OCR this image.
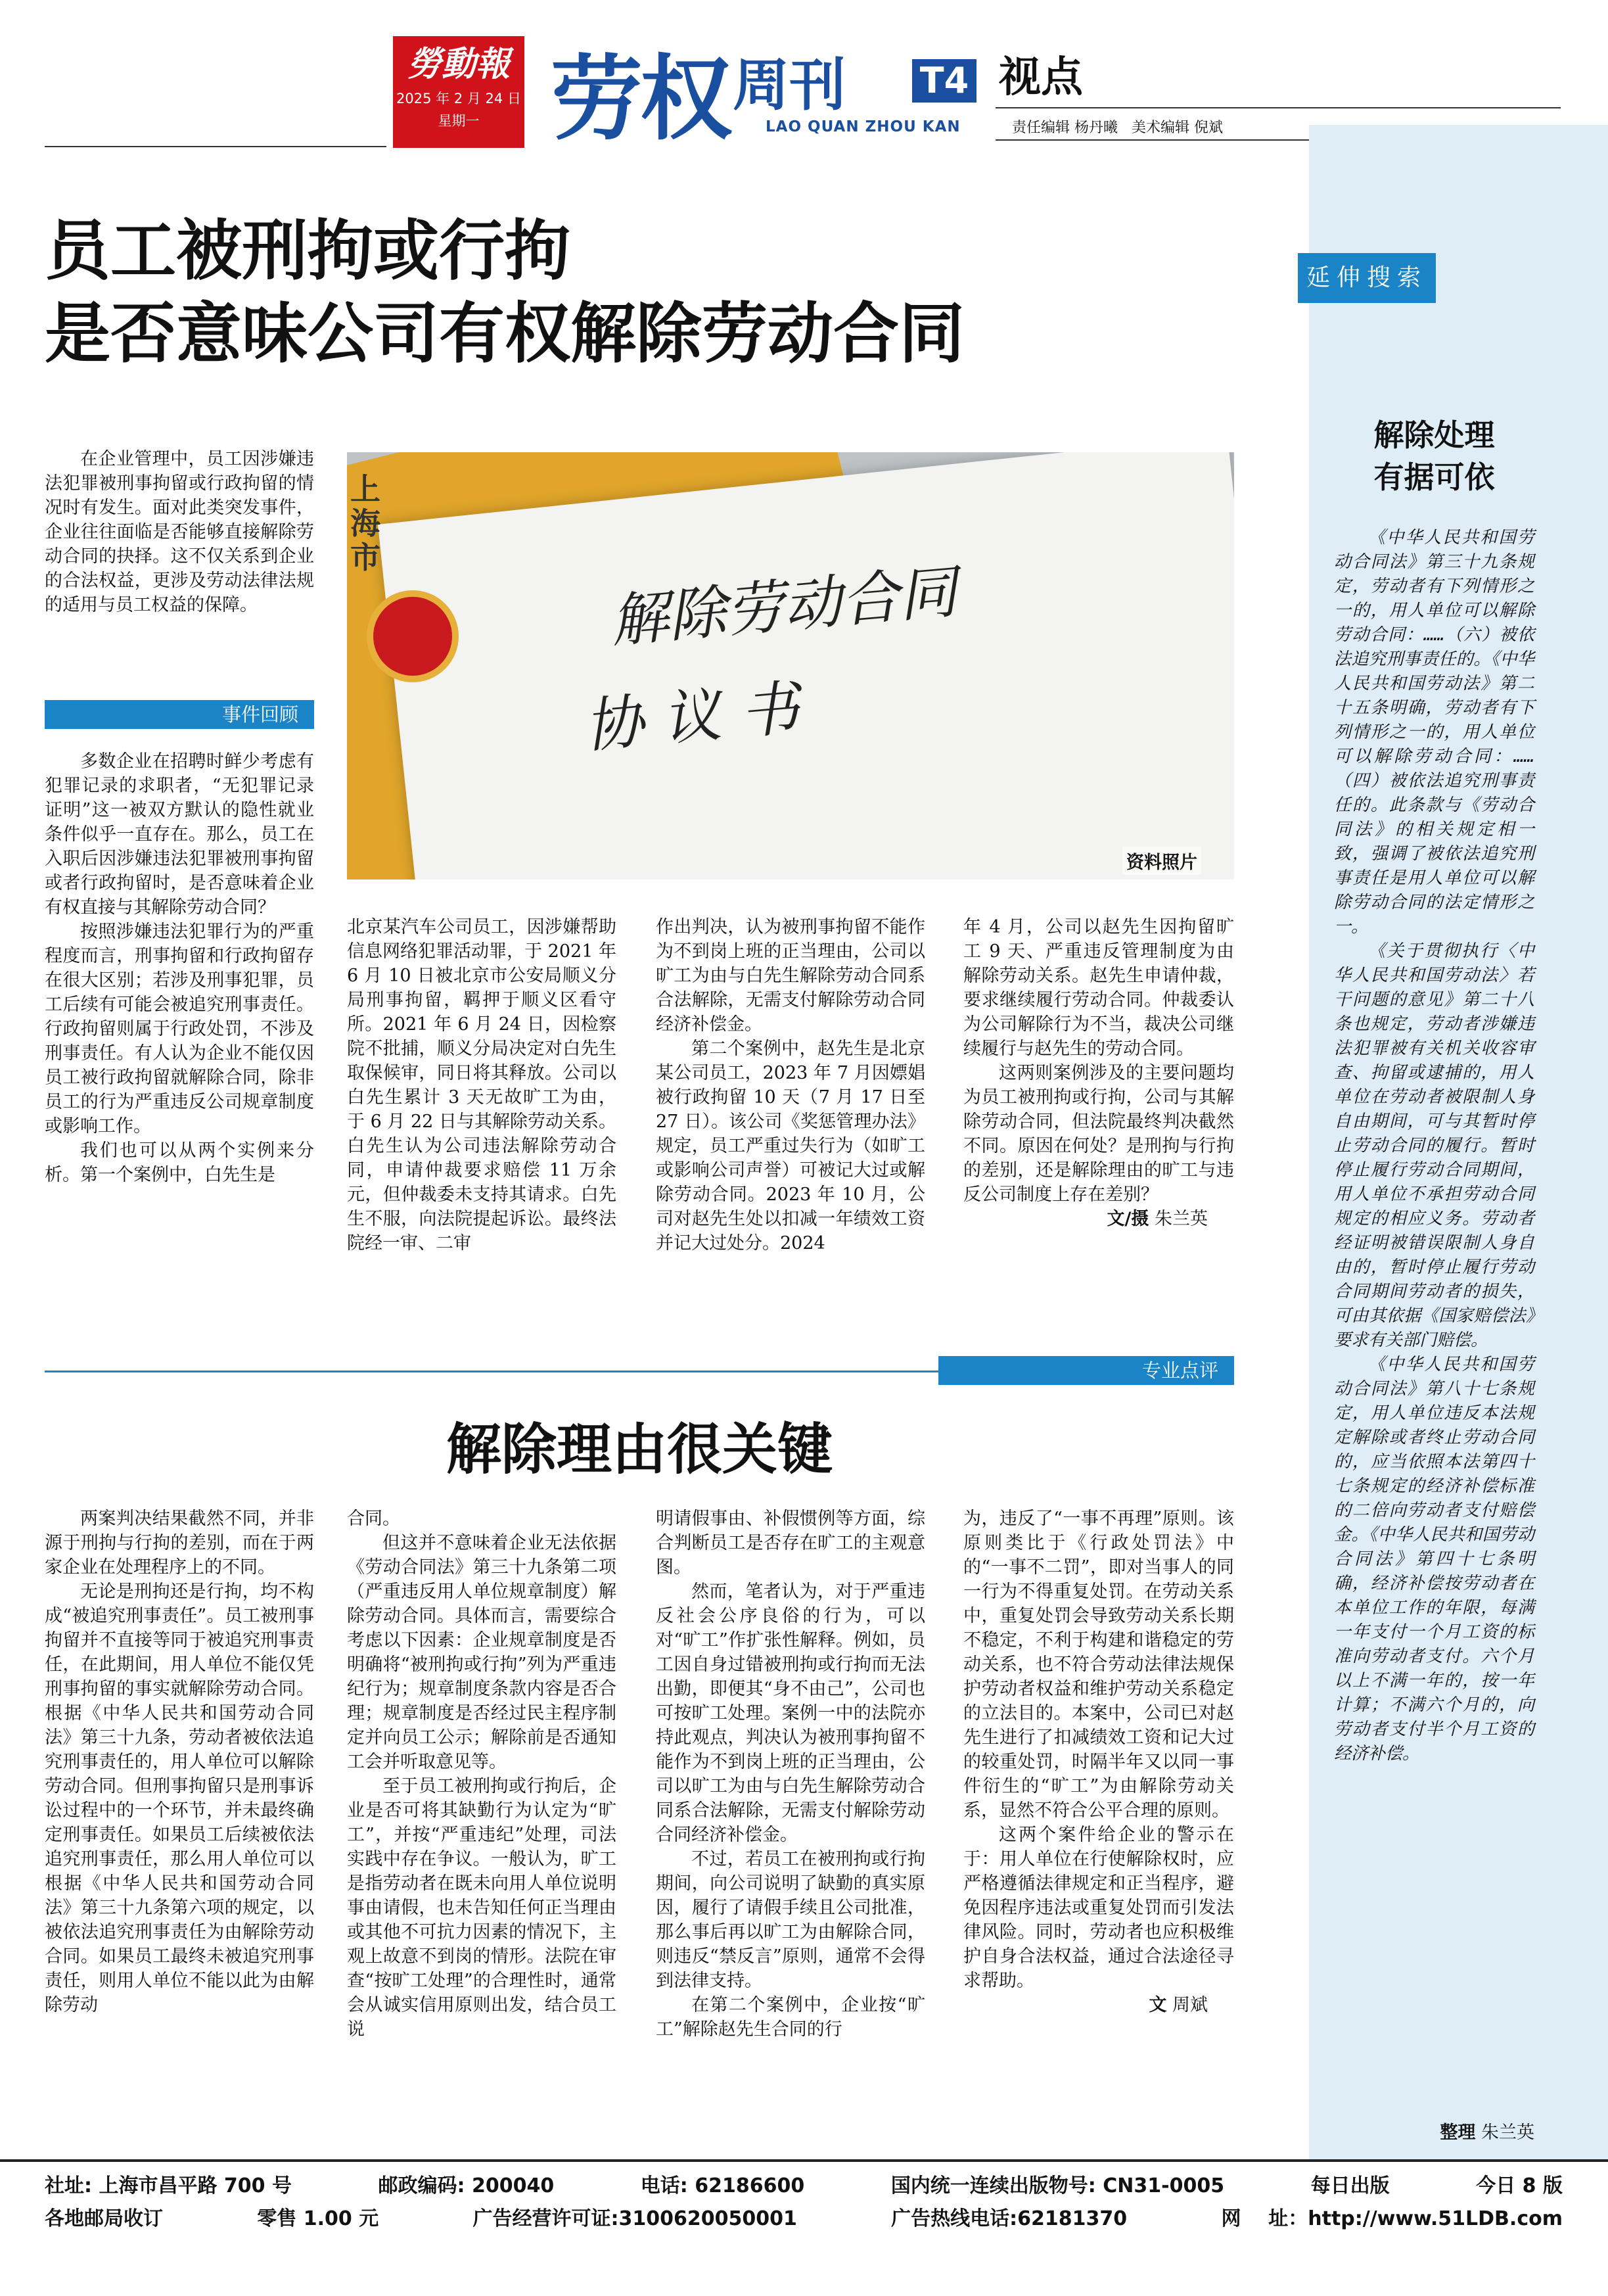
勞動報
2025 年 2 月 24 日
星期一 劳权 周刊
LAO QUAN ZHOU KAN
T4 视点
责任编辑 杨丹曦   美术编辑 倪斌
延伸搜索
解除处理
有据可依

《中华人民共和国劳动合同法》第三十九条规定，劳动者有下列情形之一的，用人单位可以解除劳动合同：……（六）被依法追究刑事责任的。《中华人民共和国劳动法》第二十五条明确，劳动者有下列情形之一的，用人单位可以解除劳动合同：……（四）被依法追究刑事责任的。此条款与《劳动合同法》的相关规定相一致，强调了被依法追究刑事责任是用人单位可以解除劳动合同的法定情形之一。

《关于贯彻执行〈中华人民共和国劳动法〉若干问题的意见》第二十八条也规定，劳动者涉嫌违法犯罪被有关机关收容审查、拘留或逮捕的，用人单位在劳动者被限制人身自由期间，可与其暂时停止劳动合同的履行。暂时停止履行劳动合同期间，用人单位不承担劳动合同规定的相应义务。劳动者经证明被错误限制人身自由的，暂时停止履行劳动合同期间劳动者的损失，可由其依据《国家赔偿法》要求有关部门赔偿。

《中华人民共和国劳动合同法》第八十七条规定，用人单位违反本法规定解除或者终止劳动合同的，应当依照本法第四十七条规定的经济补偿标准的二倍向劳动者支付赔偿金。《中华人民共和国劳动合同法》第四十七条明确，经济补偿按劳动者在本单位工作的年限，每满一年支付一个月工资的标准向劳动者支付。六个月以上不满一年的，按一年计算；不满六个月的，向劳动者支付半个月工资的经济补偿。

整理 朱兰英
员工被刑拘或行拘
是否意味公司有权解除劳动合同

在企业管理中，员工因涉嫌违法犯罪被刑事拘留或行政拘留的情况时有发生。面对此类突发事件，企业往往面临是否能够直接解除劳动合同的抉择。这不仅关系到企业的合法权益，更涉及劳动法律法规的适用与员工权益的保障。

上海市
解除劳动合同
协 议 书
资料照片
事件回顾

多数企业在招聘时鲜少考虑有犯罪记录的求职者，“无犯罪记录证明”这一被双方默认的隐性就业条件似乎一直存在。那么，员工在入职后因涉嫌违法犯罪被刑事拘留或者行政拘留时，是否意味着企业有权直接与其解除劳动合同？

按照涉嫌违法犯罪行为的严重程度而言，刑事拘留和行政拘留存在很大区别；若涉及刑事犯罪，员工后续有可能会被追究刑事责任。行政拘留则属于行政处罚，不涉及刑事责任。有人认为企业不能仅因员工被行政拘留就解除合同，除非员工的行为严重违反公司规章制度或影响工作。

我们也可以从两个实例来分析。第一个案例中，白先生是

北京某汽车公司员工，因涉嫌帮助信息网络犯罪活动罪，于 2021 年 6 月 10 日被北京市公安局顺义分局刑事拘留，羁押于顺义区看守所。2021 年 6 月 24 日，因检察院不批捕，顺义分局决定对白先生取保候审，同日将其释放。公司以白先生累计 3 天无故旷工为由，于 6 月 22 日与其解除劳动关系。白先生认为公司违法解除劳动合同，申请仲裁要求赔偿 11 万余元，但仲裁委未支持其请求。白先生不服，向法院提起诉讼。最终法院经一审、二审

作出判决，认为被刑事拘留不能作为不到岗上班的正当理由，公司以旷工为由与白先生解除劳动合同系合法解除，无需支付解除劳动合同经济补偿金。

第二个案例中，赵先生是北京某公司员工，2023 年 7 月因嫖娼被行政拘留 10 天（7 月 17 日至 27 日）。该公司《奖惩管理办法》规定，员工严重过失行为（如旷工或影响公司声誉）可被记大过或解除劳动合同。2023 年 10 月，公司对赵先生处以扣减一年绩效工资并记大过处分。2024

年 4 月，公司以赵先生因拘留旷工 9 天、严重违反管理制度为由解除劳动关系。赵先生申请仲裁，要求继续履行劳动合同。仲裁委认为公司解除行为不当，裁决公司继续履行与赵先生的劳动合同。

这两则案例涉及的主要问题均为员工被刑拘或行拘，公司与其解除劳动合同，但法院最终判决截然不同。原因在何处？是刑拘与行拘的差别，还是解除理由的旷工与违反公司制度上存在差别？

文/摄 朱兰英
专业点评
解除理由很关键

两案判决结果截然不同，并非源于刑拘与行拘的差别，而在于两家企业在处理程序上的不同。

无论是刑拘还是行拘，均不构成“被追究刑事责任”。员工被刑事拘留并不直接等同于被追究刑事责任，在此期间，用人单位不能仅凭刑事拘留的事实就解除劳动合同。根据《中华人民共和国劳动合同法》第三十九条，劳动者被依法追究刑事责任的，用人单位可以解除劳动合同。但刑事拘留只是刑事诉讼过程中的一个环节，并未最终确定刑事责任。如果员工后续被依法追究刑事责任，那么用人单位可以根据《中华人民共和国劳动合同法》第三十九条第六项的规定，以被依法追究刑事责任为由解除劳动合同。如果员工最终未被追究刑事责任，则用人单位不能以此为由解除劳动

合同。

但这并不意味着企业无法依据《劳动合同法》第三十九条第二项（严重违反用人单位规章制度）解除劳动合同。具体而言，需要综合考虑以下因素：企业规章制度是否明确将“被刑拘或行拘”列为严重违纪行为；规章制度条款内容是否合理；规章制度是否经过民主程序制定并向员工公示；解除前是否通知工会并听取意见等。

至于员工被刑拘或行拘后，企业是否可将其缺勤行为认定为“旷工”，并按“严重违纪”处理，司法实践中存在争议。一般认为，旷工是指劳动者在既未向用人单位说明事由请假，也未告知任何正当理由或其他不可抗力因素的情况下，主观上故意不到岗的情形。法院在审查“按旷工处理”的合理性时，通常会从诚实信用原则出发，结合员工说

明请假事由、补假惯例等方面，综合判断员工是否存在旷工的主观意图。

然而，笔者认为，对于严重违反社会公序良俗的行为，可以对“旷工”作扩张性解释。例如，员工因自身过错被刑拘或行拘而无法出勤，即便其“身不由己”，公司也可按旷工处理。案例一中的法院亦持此观点，判决认为被刑事拘留不能作为不到岗上班的正当理由，公司以旷工为由与白先生解除劳动合同系合法解除，无需支付解除劳动合同经济补偿金。

不过，若员工在被刑拘或行拘期间，向公司说明了缺勤的真实原因，履行了请假手续且公司批准，那么事后再以旷工为由解除合同，则违反“禁反言”原则，通常不会得到法律支持。

在第二个案例中，企业按“旷工”解除赵先生合同的行

为，违反了“一事不再理”原则。该原则类比于《行政处罚法》中的“一事不二罚”，即对当事人的同一行为不得重复处罚。在劳动关系中，重复处罚会导致劳动关系长期不稳定，不利于构建和谐稳定的劳动关系，也不符合劳动法律法规保护劳动者权益和维护劳动关系稳定的立法目的。本案中，公司已对赵先生进行了扣减绩效工资和记大过的较重处罚，时隔半年又以同一事件衍生的“旷工”为由解除劳动关系，显然不符合公平合理的原则。

这两个案件给企业的警示在于：用人单位在行使解除权时，应严格遵循法律规定和正当程序，避免因程序违法或重复处罚而引发法律风险。同时，劳动者也应积极维护自身合法权益，通过合法途径寻求帮助。

文 周斌
社址: 上海市昌平路 700 号	邮政编码: 200040	电话: 62186600	国内统一连续出版物号: CN31-0005	每日出版	今日 8 版
各地邮局收订	零售 1.00 元	广告经营许可证:3100620050001	广告热线电话:62181370	网    址：http://www.51LDB.com
